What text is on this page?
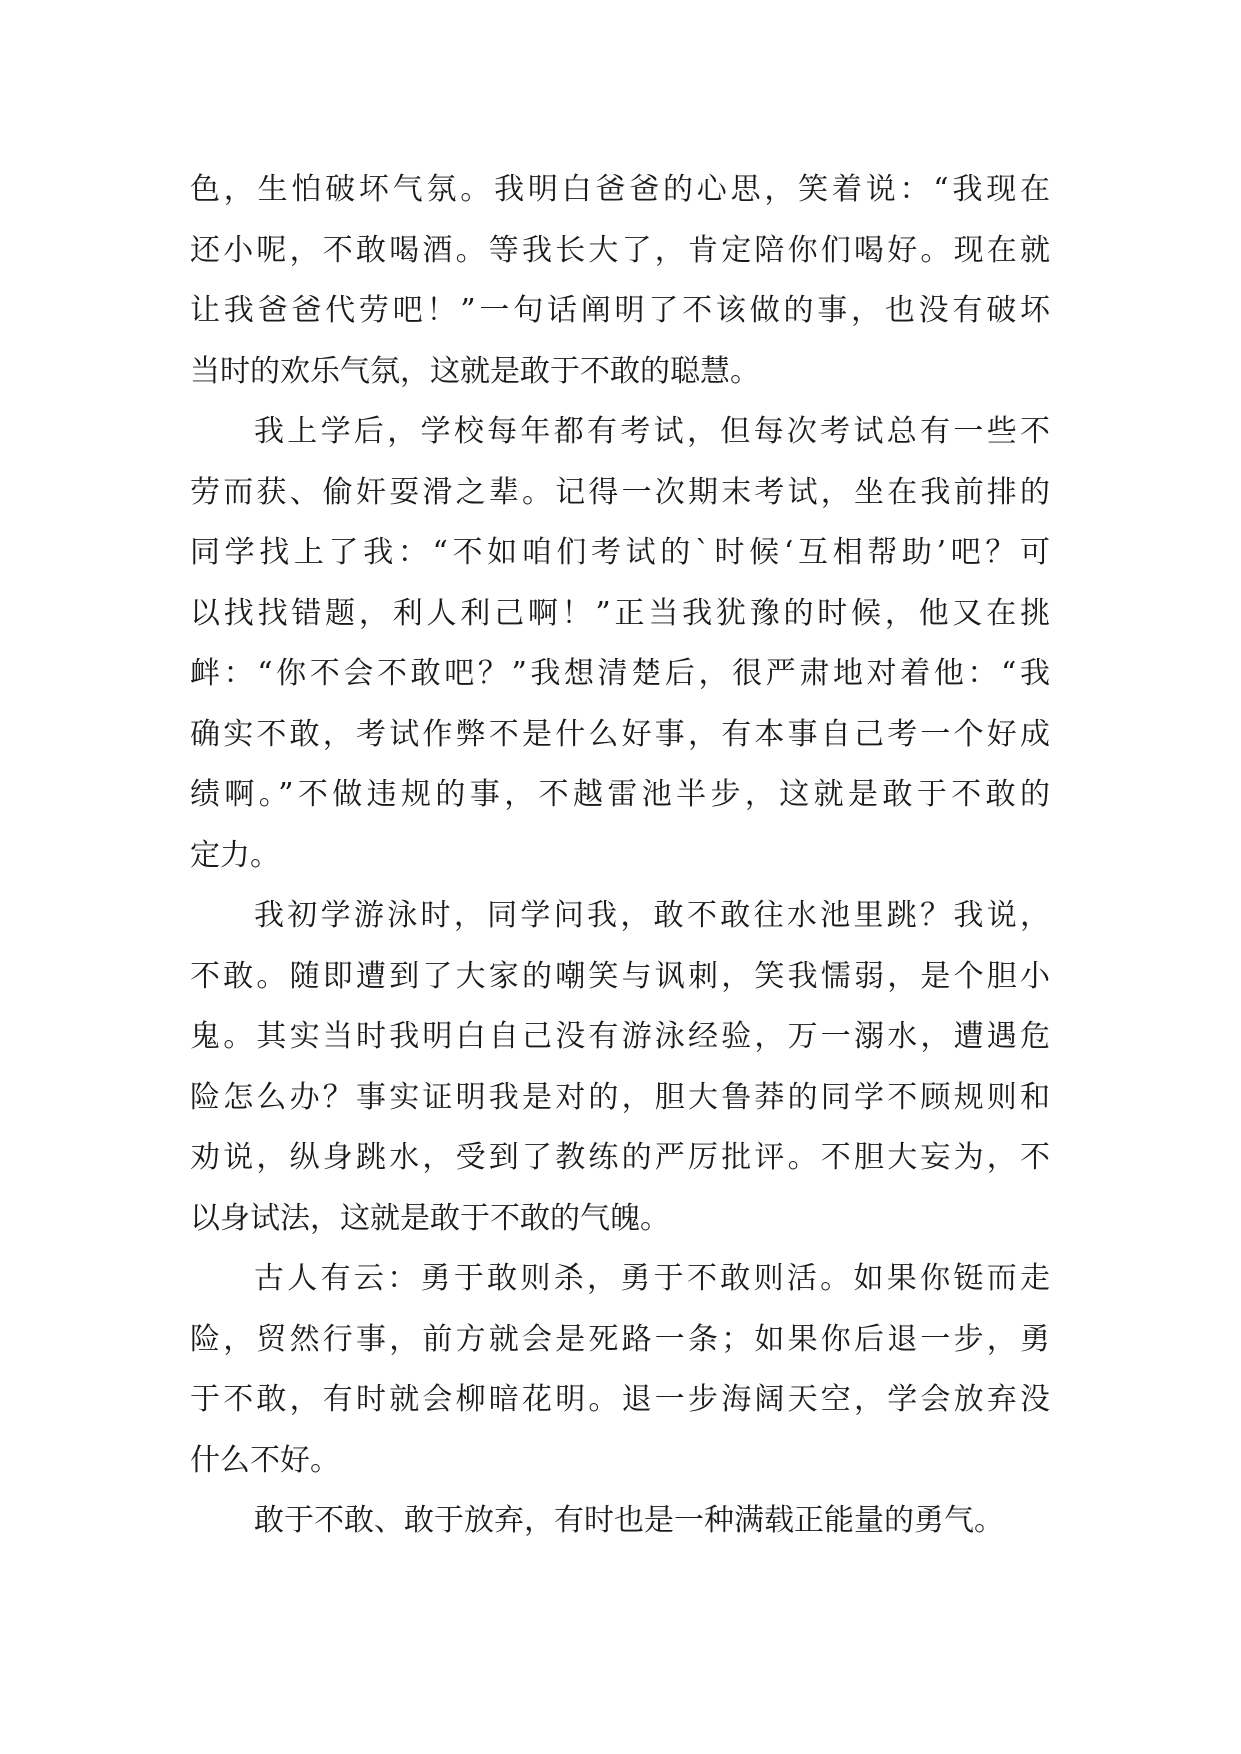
色，生怕破坏气氛。我明白爸爸的心思，笑着说：“我现在
还小呢，不敢喝酒。等我长大了，肯定陪你们喝好。现在就
让我爸爸代劳吧！”一句话阐明了不该做的事，也没有破坏
当时的欢乐气氛，这就是敢于不敢的聪慧。
我上学后，学校每年都有考试，但每次考试总有一些不
劳而获、偷奸耍滑之辈。记得一次期末考试，坐在我前排的
同学找上了我：“不如咱们考试的`时候‘互相帮助’吧？可
以找找错题，利人利己啊！”正当我犹豫的时候，他又在挑
衅：“你不会不敢吧？”我想清楚后，很严肃地对着他：“我
确实不敢，考试作弊不是什么好事，有本事自己考一个好成
绩啊。”不做违规的事，不越雷池半步，这就是敢于不敢的
定力。
我初学游泳时，同学问我，敢不敢往水池里跳？我说，
不敢。随即遭到了大家的嘲笑与讽刺，笑我懦弱，是个胆小
鬼。其实当时我明白自己没有游泳经验，万一溺水，遭遇危
险怎么办？事实证明我是对的，胆大鲁莽的同学不顾规则和
劝说，纵身跳水，受到了教练的严厉批评。不胆大妄为，不
以身试法，这就是敢于不敢的气魄。
古人有云：勇于敢则杀，勇于不敢则活。如果你铤而走
险，贸然行事，前方就会是死路一条；如果你后退一步，勇
于不敢，有时就会柳暗花明。退一步海阔天空，学会放弃没
什么不好。
敢于不敢、敢于放弃，有时也是一种满载正能量的勇气。
